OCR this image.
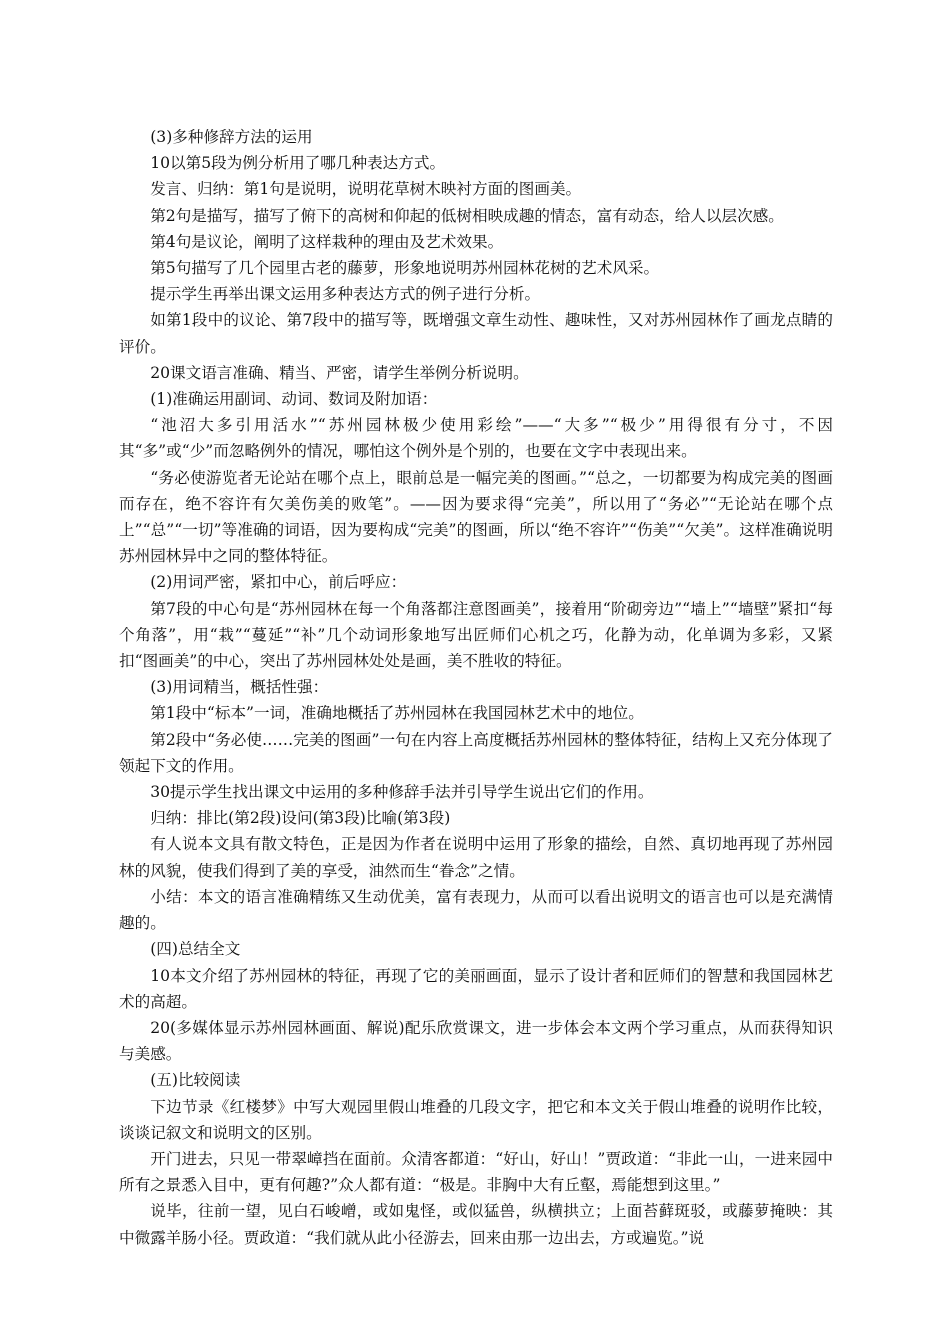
(3)多种修辞方法的运用

10以第5段为例分析用了哪几种表达方式。

发言、归纳：第1句是说明，说明花草树木映衬方面的图画美。

第2句是描写，描写了俯下的高树和仰起的低树相映成趣的情态，富有动态，给人以层次感。

第4句是议论，阐明了这样栽种的理由及艺术效果。

第5句描写了几个园里古老的藤萝，形象地说明苏州园林花树的艺术风采。

提示学生再举出课文运用多种表达方式的例子进行分析。

如第1段中的议论、第7段中的描写等，既增强文章生动性、趣味性，又对苏州园林作了画龙点睛的评价。

20课文语言准确、精当、严密，请学生举例分析说明。

(1)准确运用副词、动词、数词及附加语：

“池沼大多引用活水”“苏州园林极少使用彩绘”——“大多”“极少”用得很有分寸，不因其“多”或“少”而忽略例外的情况，哪怕这个例外是个别的，也要在文字中表现出来。

“务必使游览者无论站在哪个点上，眼前总是一幅完美的图画。”“总之，一切都要为构成完美的图画而存在，绝不容许有欠美伤美的败笔”。——因为要求得“完美”，所以用了“务必”“无论站在哪个点上”“总”“一切”等准确的词语，因为要构成“完美”的图画，所以“绝不容许”“伤美”“欠美”。这样准确说明苏州园林异中之同的整体特征。

(2)用词严密，紧扣中心，前后呼应：

第7段的中心句是“苏州园林在每一个角落都注意图画美”，接着用“阶砌旁边”“墙上”“墙壁”紧扣“每个角落”，用“栽”“蔓延”“补”几个动词形象地写出匠师们心机之巧，化静为动，化单调为多彩，又紧扣“图画美”的中心，突出了苏州园林处处是画，美不胜收的特征。

(3)用词精当，概括性强：

第1段中“标本”一词，准确地概括了苏州园林在我国园林艺术中的地位。

第2段中“务必使……完美的图画”一句在内容上高度概括苏州园林的整体特征，结构上又充分体现了领起下文的作用。

30提示学生找出课文中运用的多种修辞手法并引导学生说出它们的作用。

归纳：排比(第2段)设问(第3段)比喻(第3段)

有人说本文具有散文特色，正是因为作者在说明中运用了形象的描绘，自然、真切地再现了苏州园林的风貌，使我们得到了美的享受，油然而生“眷念”之情。

小结：本文的语言准确精练又生动优美，富有表现力，从而可以看出说明文的语言也可以是充满情趣的。

(四)总结全文

10本文介绍了苏州园林的特征，再现了它的美丽画面，显示了设计者和匠师们的智慧和我国园林艺术的高超。

20(多媒体显示苏州园林画面、解说)配乐欣赏课文，进一步体会本文两个学习重点，从而获得知识与美感。

(五)比较阅读

下边节录《红楼梦》中写大观园里假山堆叠的几段文字，把它和本文关于假山堆叠的说明作比较，谈谈记叙文和说明文的区别。

开门进去，只见一带翠嶂挡在面前。众清客都道：“好山，好山！”贾政道：“非此一山，一进来园中所有之景悉入目中，更有何趣?”众人都有道：“极是。非胸中大有丘壑，焉能想到这里。”

说毕，往前一望，见白石峻嶒，或如鬼怪，或似猛兽，纵横拱立；上面苔藓斑驳，或藤萝掩映：其中微露羊肠小径。贾政道：“我们就从此小径游去，回来由那一边出去，方或遍览。”说
